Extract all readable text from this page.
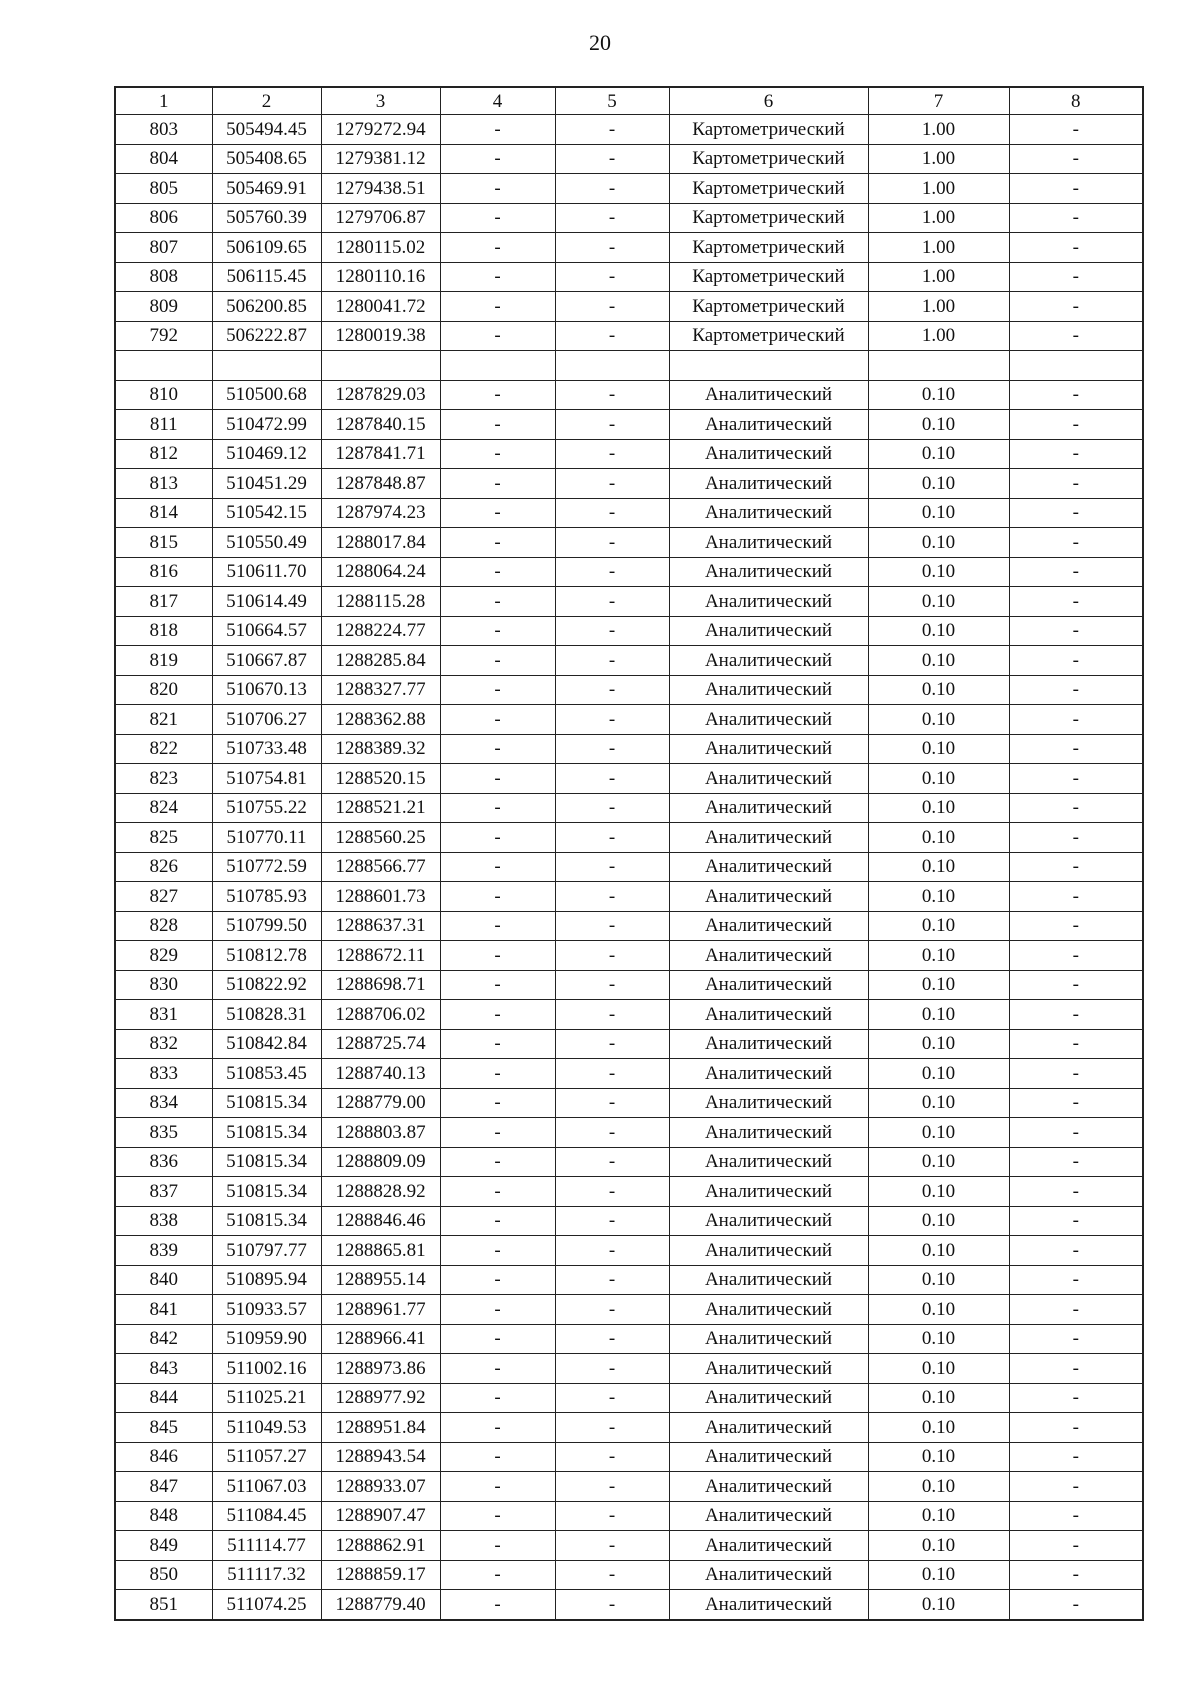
20
1	2	3	4	5	6	7	8
803	505494.45	1279272.94	-	-	Картометрический	1.00	-
804	505408.65	1279381.12	-	-	Картометрический	1.00	-
805	505469.91	1279438.51	-	-	Картометрический	1.00	-
806	505760.39	1279706.87	-	-	Картометрический	1.00	-
807	506109.65	1280115.02	-	-	Картометрический	1.00	-
808	506115.45	1280110.16	-	-	Картометрический	1.00	-
809	506200.85	1280041.72	-	-	Картометрический	1.00	-
792	506222.87	1280019.38	-	-	Картометрический	1.00	-

810	510500.68	1287829.03	-	-	Аналитический	0.10	-
811	510472.99	1287840.15	-	-	Аналитический	0.10	-
812	510469.12	1287841.71	-	-	Аналитический	0.10	-
813	510451.29	1287848.87	-	-	Аналитический	0.10	-
814	510542.15	1287974.23	-	-	Аналитический	0.10	-
815	510550.49	1288017.84	-	-	Аналитический	0.10	-
816	510611.70	1288064.24	-	-	Аналитический	0.10	-
817	510614.49	1288115.28	-	-	Аналитический	0.10	-
818	510664.57	1288224.77	-	-	Аналитический	0.10	-
819	510667.87	1288285.84	-	-	Аналитический	0.10	-
820	510670.13	1288327.77	-	-	Аналитический	0.10	-
821	510706.27	1288362.88	-	-	Аналитический	0.10	-
822	510733.48	1288389.32	-	-	Аналитический	0.10	-
823	510754.81	1288520.15	-	-	Аналитический	0.10	-
824	510755.22	1288521.21	-	-	Аналитический	0.10	-
825	510770.11	1288560.25	-	-	Аналитический	0.10	-
826	510772.59	1288566.77	-	-	Аналитический	0.10	-
827	510785.93	1288601.73	-	-	Аналитический	0.10	-
828	510799.50	1288637.31	-	-	Аналитический	0.10	-
829	510812.78	1288672.11	-	-	Аналитический	0.10	-
830	510822.92	1288698.71	-	-	Аналитический	0.10	-
831	510828.31	1288706.02	-	-	Аналитический	0.10	-
832	510842.84	1288725.74	-	-	Аналитический	0.10	-
833	510853.45	1288740.13	-	-	Аналитический	0.10	-
834	510815.34	1288779.00	-	-	Аналитический	0.10	-
835	510815.34	1288803.87	-	-	Аналитический	0.10	-
836	510815.34	1288809.09	-	-	Аналитический	0.10	-
837	510815.34	1288828.92	-	-	Аналитический	0.10	-
838	510815.34	1288846.46	-	-	Аналитический	0.10	-
839	510797.77	1288865.81	-	-	Аналитический	0.10	-
840	510895.94	1288955.14	-	-	Аналитический	0.10	-
841	510933.57	1288961.77	-	-	Аналитический	0.10	-
842	510959.90	1288966.41	-	-	Аналитический	0.10	-
843	511002.16	1288973.86	-	-	Аналитический	0.10	-
844	511025.21	1288977.92	-	-	Аналитический	0.10	-
845	511049.53	1288951.84	-	-	Аналитический	0.10	-
846	511057.27	1288943.54	-	-	Аналитический	0.10	-
847	511067.03	1288933.07	-	-	Аналитический	0.10	-
848	511084.45	1288907.47	-	-	Аналитический	0.10	-
849	511114.77	1288862.91	-	-	Аналитический	0.10	-
850	511117.32	1288859.17	-	-	Аналитический	0.10	-
851	511074.25	1288779.40	-	-	Аналитический	0.10	-
